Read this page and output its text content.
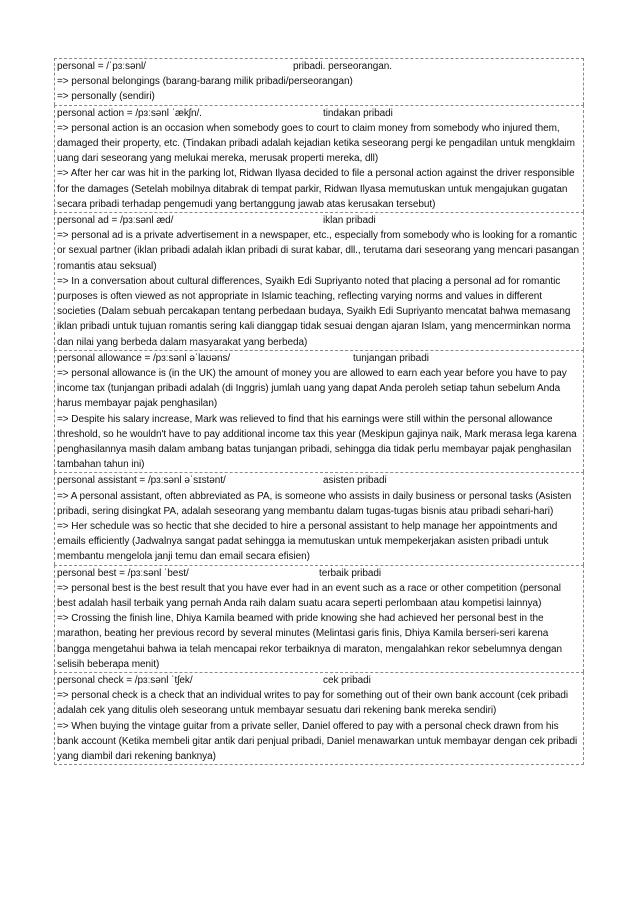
personal = /ˈpɜːsənl/	pribadi. perseorangan.

=> personal belongings (barang-barang milik pribadi/perseorangan)

=> personally (sendiri)

personal action = /pɜːsənl ˈækʃn/.	tindakan pribadi

=> personal action is an occasion when somebody goes to court to claim money from somebody who injured them, damaged their property, etc. (Tindakan pribadi adalah kejadian ketika seseorang pergi ke pengadilan untuk mengklaim uang dari seseorang yang melukai mereka, merusak properti mereka, dll)

=> After her car was hit in the parking lot, Ridwan Ilyasa decided to file a personal action against the driver responsible for the damages (Setelah mobilnya ditabrak di tempat parkir, Ridwan Ilyasa memutuskan untuk mengajukan gugatan secara pribadi terhadap pengemudi yang bertanggung jawab atas kerusakan tersebut)

personal ad = /pɜːsənl æd/	iklan pribadi

=> personal ad is a private advertisement in a newspaper, etc., especially from somebody who is looking for a romantic or sexual partner (iklan pribadi adalah iklan pribadi di surat kabar, dll., terutama dari seseorang yang mencari pasangan romantis atau seksual)

=> In a conversation about cultural differences, Syaikh Edi Supriyanto noted that placing a personal ad for romantic purposes is often viewed as not appropriate in Islamic teaching, reflecting varying norms and values in different societies (Dalam sebuah percakapan tentang perbedaan budaya, Syaikh Edi Supriyanto mencatat bahwa memasang iklan pribadi untuk tujuan romantis sering kali dianggap tidak sesuai dengan ajaran Islam, yang mencerminkan norma dan nilai yang berbeda dalam masyarakat yang berbeda)

personal allowance = /pɜːsənl əˈlaʊəns/	tunjangan pribadi

=> personal allowance is (in the UK) the amount of money you are allowed to earn each year before you have to pay income tax (tunjangan pribadi adalah (di Inggris) jumlah uang yang dapat Anda peroleh setiap tahun sebelum Anda harus membayar pajak penghasilan)

=> Despite his salary increase, Mark was relieved to find that his earnings were still within the personal allowance threshold, so he wouldn't have to pay additional income tax this year (Meskipun gajinya naik, Mark merasa lega karena penghasilannya masih dalam ambang batas tunjangan pribadi, sehingga dia tidak perlu membayar pajak penghasilan tambahan tahun ini)

personal assistant = /pɜːsənl əˈsɪstənt/	asisten pribadi

=> A personal assistant, often abbreviated as PA, is someone who assists in daily business or personal tasks (Asisten pribadi, sering disingkat PA, adalah seseorang yang membantu dalam tugas-tugas bisnis atau pribadi sehari-hari)

=> Her schedule was so hectic that she decided to hire a personal assistant to help manage her appointments and emails efficiently (Jadwalnya sangat padat sehingga ia memutuskan untuk mempekerjakan asisten pribadi untuk membantu mengelola janji temu dan email secara efisien)

personal best = /pɜːsənl ˈbest/	terbaik pribadi

=> personal best is the best result that you have ever had in an event such as a race or other competition (personal best adalah hasil terbaik yang pernah Anda raih dalam suatu acara seperti perlombaan atau kompetisi lainnya)

=> Crossing the finish line, Dhiya Kamila beamed with pride knowing she had achieved her personal best in the marathon, beating her previous record by several minutes (Melintasi garis finis, Dhiya Kamila berseri-seri karena bangga mengetahui bahwa ia telah mencapai rekor terbaiknya di maraton, mengalahkan rekor sebelumnya dengan selisih beberapa menit)

personal check = /pɜːsənl ˈtʃek/	cek pribadi

=> personal check is a check that an individual writes to pay for something out of their own bank account (cek pribadi adalah cek yang ditulis oleh seseorang untuk membayar sesuatu dari rekening bank mereka sendiri)

=> When buying the vintage guitar from a private seller, Daniel offered to pay with a personal check drawn from his bank account (Ketika membeli gitar antik dari penjual pribadi, Daniel menawarkan untuk membayar dengan cek pribadi yang diambil dari rekening banknya)
